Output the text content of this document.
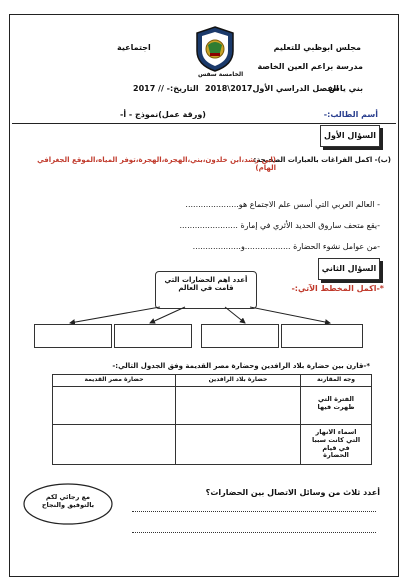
مجلس ابوظبي للتعليم
اجتماعية
مدرسة براعم العين الخاصة
بني ياس
الفصل الدراسي الأول2017\2018
التاريخ:- // 2017
الخامسة سفس
أسم الطالب:-
(ورقة عمل)نموذج - أ-
السؤال الأول
(ب)- اكمل الفراغات بالعبارات الصحيحة:
(ابن رشد،ابن خلدون،بني،الهجرة،الهجرة،توفر المياه،الموقع الجغرافي الهام)
- العالم العربي التي أسس علم الاجتماع هو.....................
-يقع متحف ساروق الحديد الأثري في إمارة .......................
-من عوامل نشوء الحضارة ..................و...................
السؤال الثاني
*-اكمل المخطط الآتي:-
أعدد اهم الحضارات التي قامت في العالم
*-قارن بين حضارة بلاد الرافدين وحضارة مصر القديمة وفق الجدول التالي:-
وجه المقارنة
حضارة بلاد الرافدين
حضارة مصر القديمة
الفترة التي ظهرت فيها
اسماء الانهار التي كانت سببا في قيام الحضارة
أعدد ثلاث من وسائل الاتصال بين الحضارات؟
مع رجائي لكم بالتوفيق والنجاح
